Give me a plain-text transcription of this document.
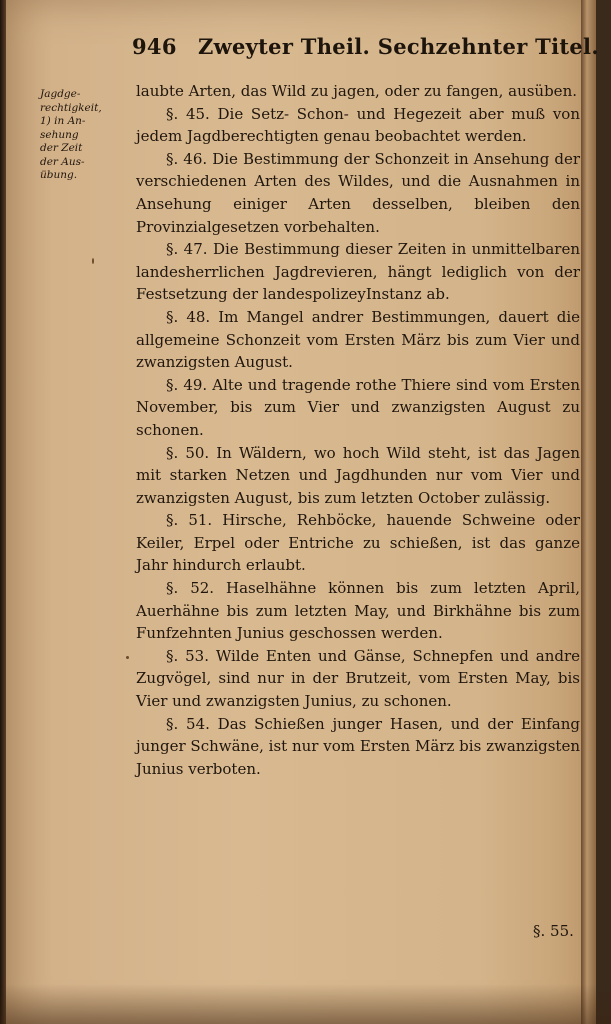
946 Zweyter Theil. Sechzehnter Titel.
Jagdge-
rechtigkeit,
1) in An-
sehung
der Zeit
der Aus-
übung.

laubte Arten, das Wild zu jagen, oder zu fangen, ausüben.

§. 45. Die Setz- Schon- und Hegezeit aber muß von jedem Jagdberechtigten genau beobachtet werden.

§. 46. Die Bestimmung der Schonzeit in Ansehung der verschiedenen Arten des Wildes, und die Ausnahmen in Ansehung einiger Arten desselben, bleiben den Provinzialgesetzen vorbehalten.

§. 47. Die Bestimmung dieser Zeiten in unmittelbaren landesherrlichen Jagdrevieren, hängt lediglich von der Festsetzung der landespolizeyInstanz ab.

§. 48. Im Mangel andrer Bestimmungen, dauert die allgemeine Schonzeit vom Ersten März bis zum Vier und zwanzigsten August.

§. 49. Alte und tragende rothe Thiere sind vom Ersten November, bis zum Vier und zwanzigsten August zu schonen.

§. 50. In Wäldern, wo hoch Wild steht, ist das Jagen mit starken Netzen und Jagdhunden nur vom Vier und zwanzigsten August, bis zum letzten October zulässig.

§. 51. Hirsche, Rehböcke, hauende Schweine oder Keiler, Erpel oder Entriche zu schießen, ist das ganze Jahr hindurch erlaubt.

§. 52. Haselhähne können bis zum letzten April, Auerhähne bis zum letzten May, und Birkhähne bis zum Funfzehnten Junius geschossen werden.

§. 53. Wilde Enten und Gänse, Schnepfen und andre Zugvögel, sind nur in der Brutzeit, vom Ersten May, bis Vier und zwanzigsten Junius, zu schonen.

§. 54. Das Schießen junger Hasen, und der Einfang junger Schwäne, ist nur vom Ersten März bis zwanzigsten Junius verboten.

§. 55.
